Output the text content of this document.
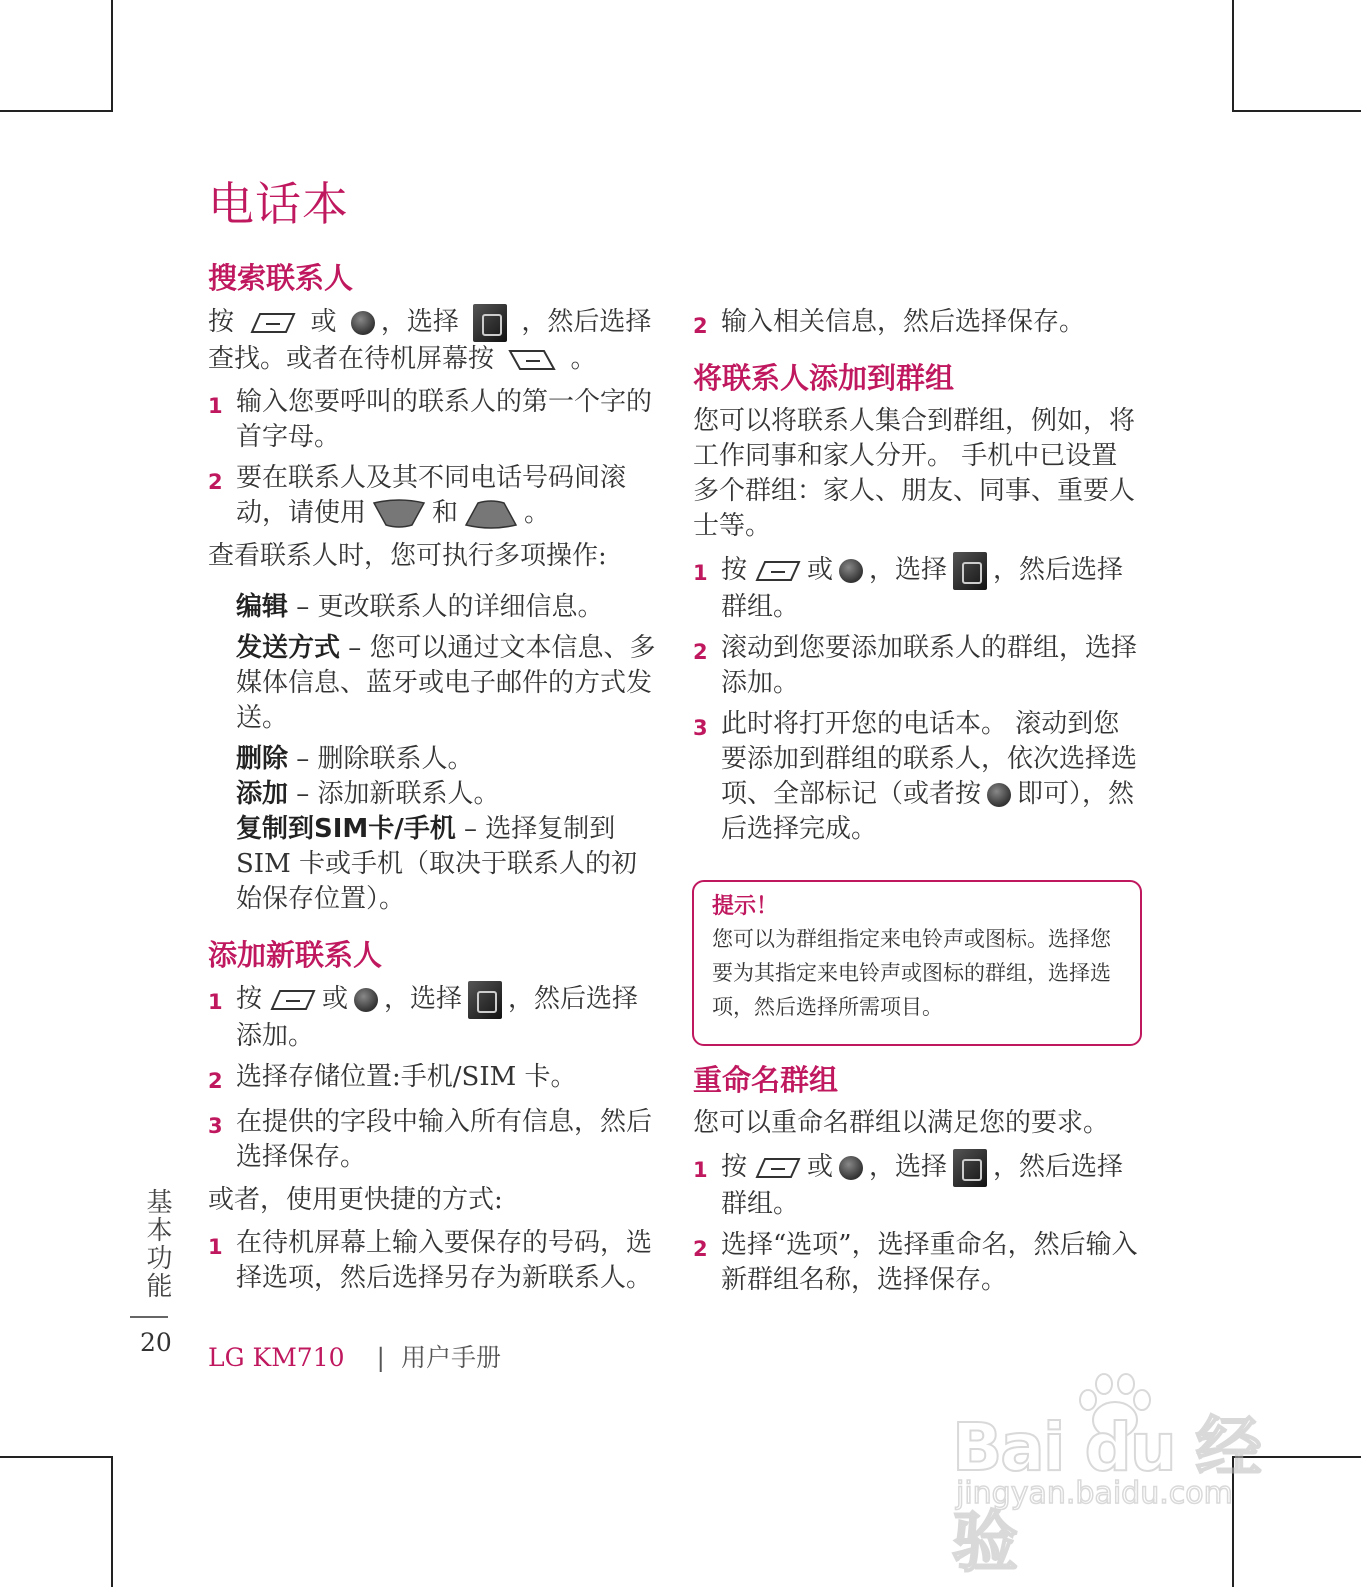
电话本
搜索联系人

按	或 ，选择 ，然后选择查找。或者在待机屏幕按	。

1 输入您要呼叫的联系人的第一个字的首字母。
2 要在联系人及其不同电话号码间滚动，请使用	和	。

查看联系人时，您可执行多项操作:

编辑 – 更改联系人的详细信息。
发送方式 – 您可以通过文本信息、多媒体信息、蓝牙或电子邮件的方式发送。
删除 – 删除联系人。
添加 – 添加新联系人。
复制到SIM卡/手机 – 选择复制到SIM 卡或手机（取决于联系人的初始保存位置）。
添加新联系人
1 按 或 ，选择 ，然后选择添加。
2 选择存储位置:手机/SIM 卡。
3 在提供的字段中输入所有信息，然后选择保存。

或者，使用更快捷的方式:

1 在待机屏幕上输入要保存的号码，选择选项，然后选择另存为新联系人。
2 输入相关信息，然后选择保存。
将联系人添加到群组

您可以将联系人集合到群组，例如，将工作同事和家人分开。 手机中已设置多个群组：家人、朋友、同事、重要人士等。

1 按 或 ，选择 ，然后选择群组。
2 滚动到您要添加联系人的群组，选择添加。
3 此时将打开您的电话本。 滚动到您要添加到群组的联系人，依次选择选项、全部标记（或者按 即可），然后选择完成。
提示！
您可以为群组指定来电铃声或图标。选择您要为其指定来电铃声或图标的群组，选择选项，然后选择所需项目。
重命名群组

您可以重命名群组以满足您的要求。

1 按 或 ，选择 ，然后选择群组。
2 选择“选项”，选择重命名，然后输入新群组名称，选择保存。
基本功能
20
LG KM710 | 用户手册
Bai du 经验
jingyan.baidu.com
